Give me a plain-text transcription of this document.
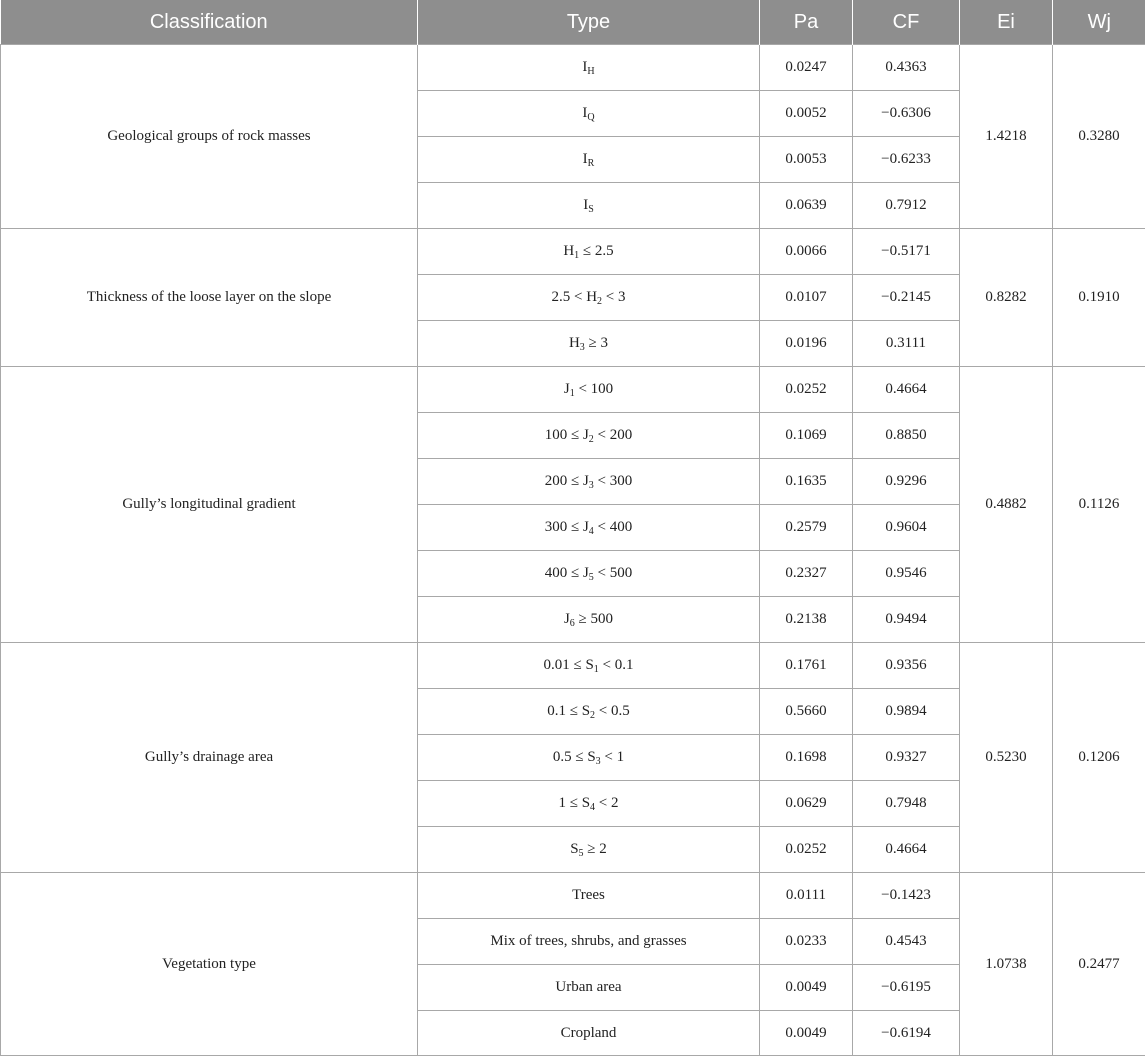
Classification	Type	Pa	CF	Ei	Wj
Geological groups of rock masses	$I_H$	0.0247	0.4363	1.4218	0.3280
	$I_Q$	0.0052	−0.6306		
	$I_R$	0.0053	−0.6233		
	$I_S$	0.0639	0.7912		
Thickness of the loose layer on the slope	$H_1 \le 2.5$	0.0066	−0.5171	0.8282	0.1910
	$2.5 < H_2 < 3$	0.0107	−0.2145		
	$H_3 \ge 3$	0.0196	0.3111		
Gully’s longitudinal gradient	$J_1 < 100$	0.0252	0.4664	0.4882	0.1126
	$100 \le J_2 < 200$	0.1069	0.8850		
	$200 \le J_3 < 300$	0.1635	0.9296		
	$300 \le J_4 < 400$	0.2579	0.9604		
	$400 \le J_5 < 500$	0.2327	0.9546		
	$J_6 \ge 500$	0.2138	0.9494		
Gully’s drainage area	$0.01 \le S_1 < 0.1$	0.1761	0.9356	0.5230	0.1206
	$0.1 \le S_2 < 0.5$	0.5660	0.9894		
	$0.5 \le S_3 < 1$	0.1698	0.9327		
	$1 \le S_4 < 2$	0.0629	0.7948		
	$S_5 \ge 2$	0.0252	0.4664		
Vegetation type	Trees	0.0111	−0.1423	1.0738	0.2477
	Mix of trees, shrubs, and grasses	0.0233	0.4543		
	Urban area	0.0049	−0.6195		
	Cropland	0.0049	−0.6194		
